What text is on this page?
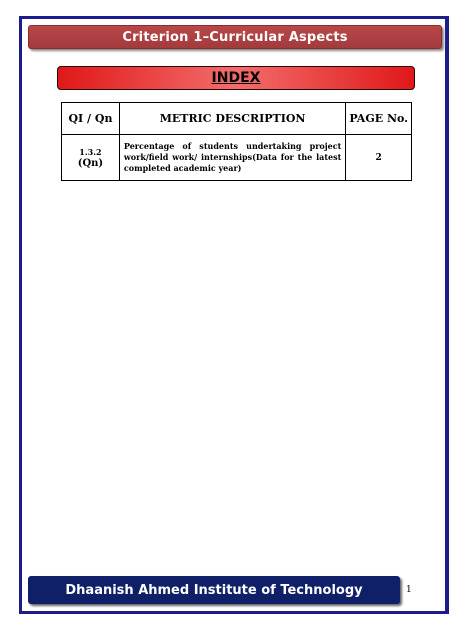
Criterion 1–Curricular Aspects
INDEX
QI / Qn	METRIC DESCRIPTION	PAGE No.

1.3.2
(Qn)	Percentage of students undertaking project work/field work/ internships(Data for the latest completed academic year)	2
Dhaanish Ahmed Institute of Technology	1
